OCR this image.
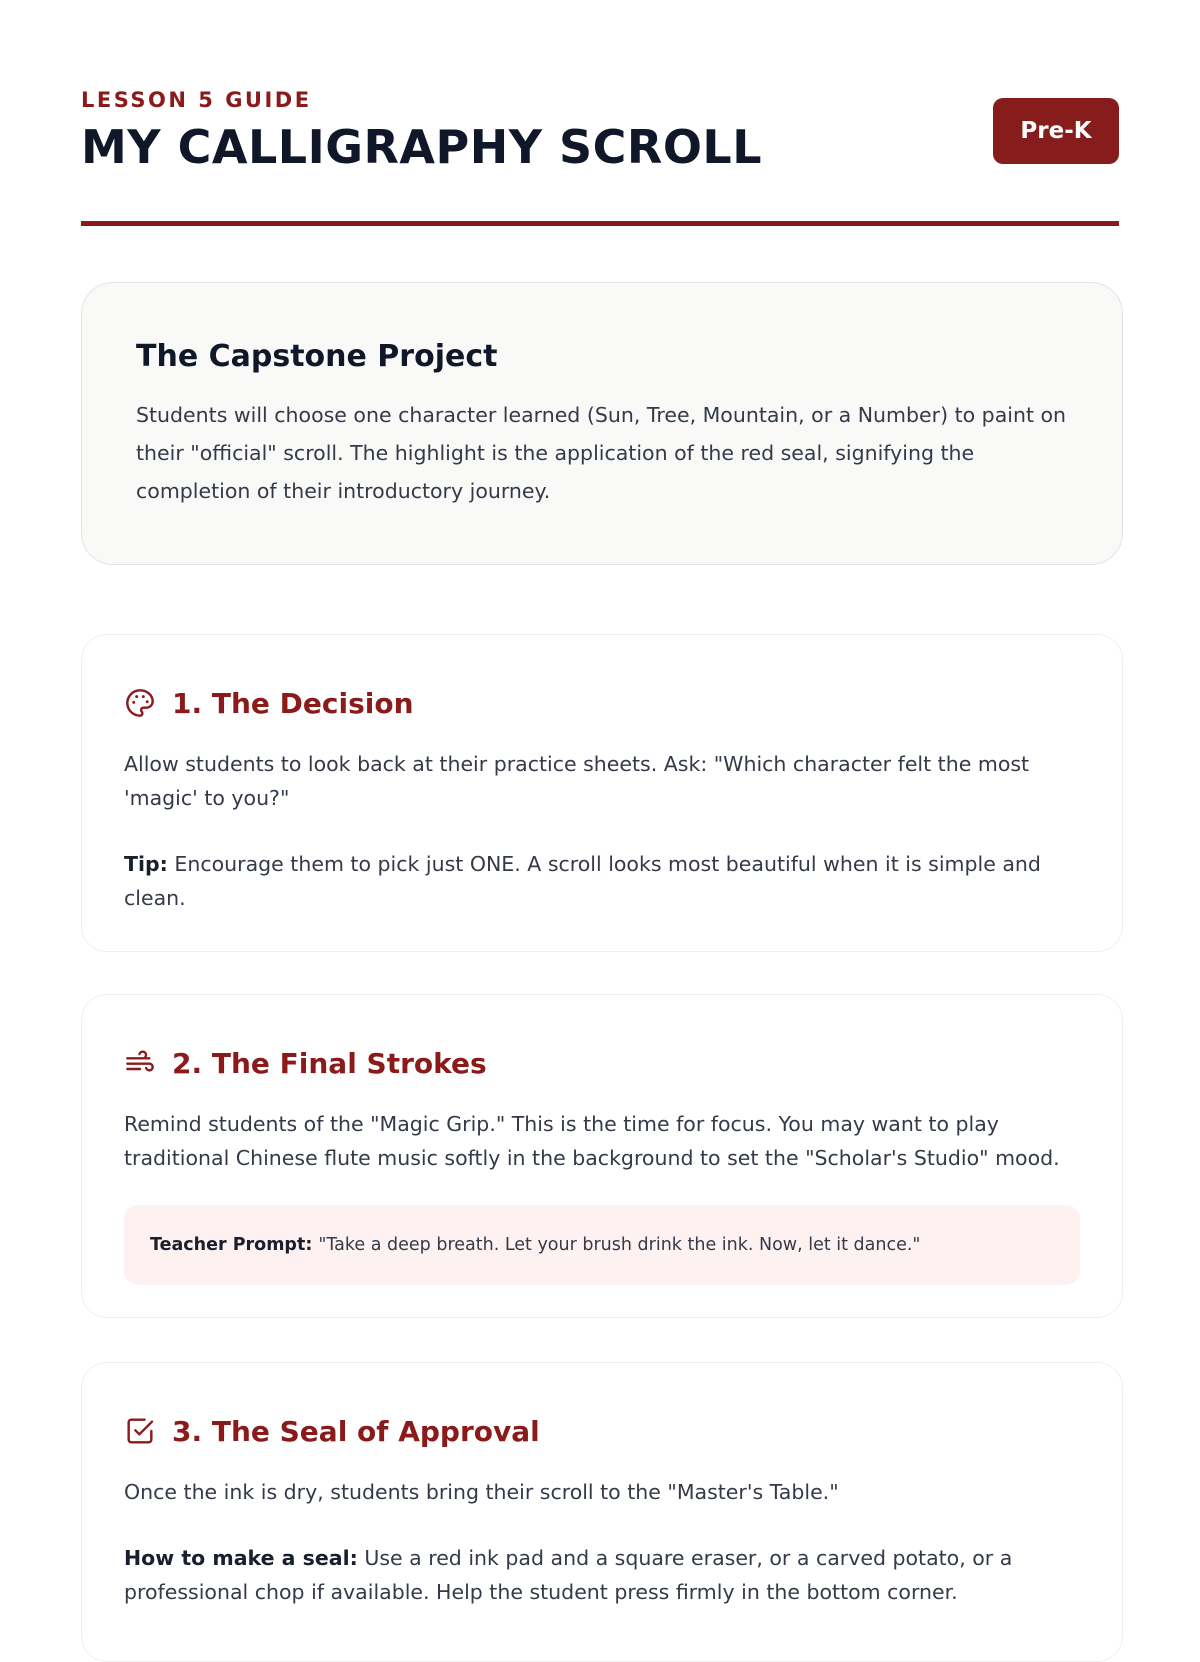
LESSON 5 GUIDE
MY CALLIGRAPHY SCROLL	Pre-K
The Capstone Project

Students will choose one character learned (Sun, Tree, Mountain, or a Number) to paint on their "official" scroll. The highlight is the application of the red seal, signifying the completion of their introductory journey.

1. The Decision

Allow students to look back at their practice sheets. Ask: "Which character felt the most 'magic' to you?"

Tip: Encourage them to pick just ONE. A scroll looks most beautiful when it is simple and clean.

2. The Final Strokes

Remind students of the "Magic Grip." This is the time for focus. You may want to play traditional Chinese flute music softly in the background to set the "Scholar's Studio" mood.

Teacher Prompt: "Take a deep breath. Let your brush drink the ink. Now, let it dance."
3. The Seal of Approval

Once the ink is dry, students bring their scroll to the "Master's Table."

How to make a seal: Use a red ink pad and a square eraser, or a carved potato, or a professional chop if available. Help the student press firmly in the bottom corner.
